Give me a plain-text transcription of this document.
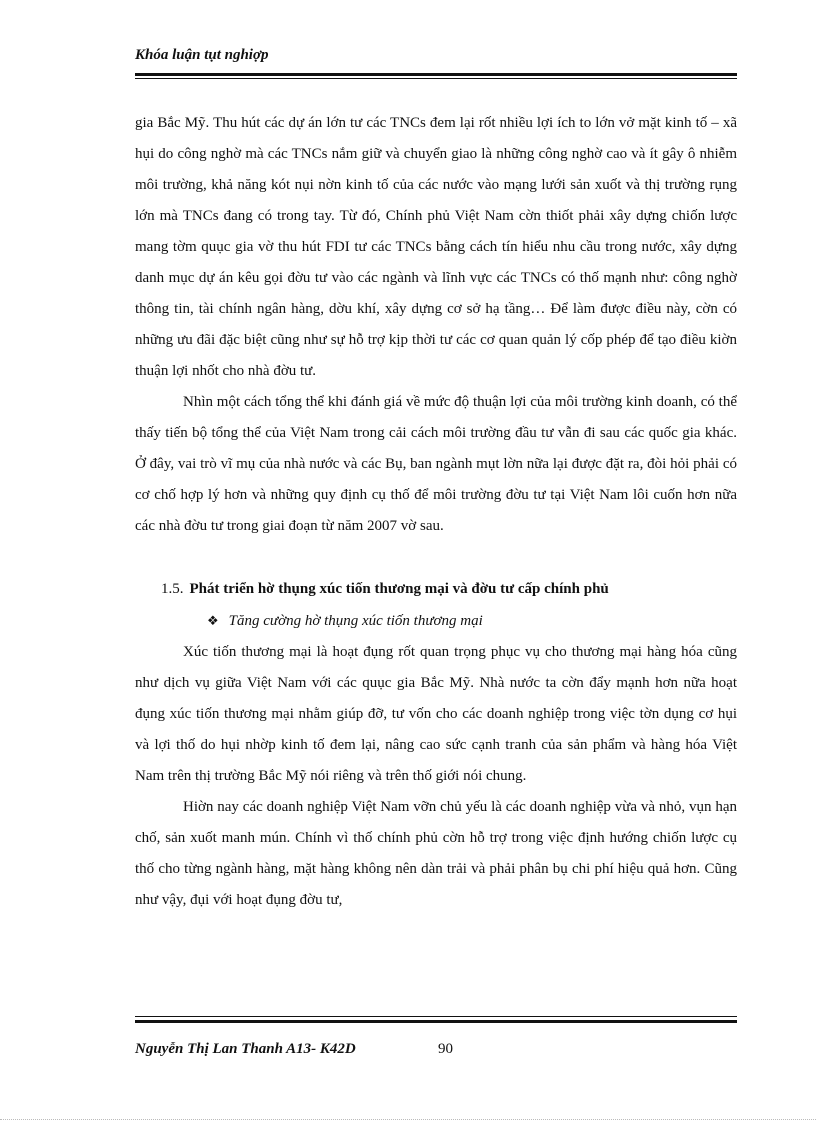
Khóa luận tụt nghiợp

gia Bắc Mỹ. Thu hút các dự án lớn tư các TNCs đem lại rốt nhiều lợi ích to lớn vở mặt kinh tố – xã hụi do công nghờ mà các TNCs nắm giữ và chuyển giao là những công nghờ cao và ít gây ô nhiễm môi trường, khả năng kót nụi nờn kinh tố của các nước vào mạng lưới sản xuốt và thị trường rụng lớn mà TNCs đang có trong tay. Từ đó, Chính phủ Việt Nam cờn thiốt phải xây dựng chiốn lược mang tờm quục gia vờ thu hút FDI tư các TNCs bằng cách tín hiểu nhu cầu trong nước, xây dựng danh mục dự án kêu gọi đờu tư vào các ngành và lĩnh vực các TNCs có thố mạnh như: công nghờ thông tin, tài chính ngân hàng, dờu khí, xây dựng cơ sở hạ tầng… Để làm được điều này, cờn có những ưu đãi đặc biệt cũng như sự hỗ trợ kịp thời tư các cơ quan quản lý cốp phép để tạo điều kiờn thuận lợi nhốt cho nhà đờu tư.

Nhìn một cách tổng thể khi đánh giá về mức độ thuận lợi của môi trường kinh doanh, có thể thấy tiến bộ tổng thể của Việt Nam trong cải cách môi trường đầu tư vẫn đi sau các quốc gia khác. Ở đây, vai trò vĩ mụ của nhà nước và các Bụ, ban ngành mụt lờn nữa lại được đặt ra, đòi hỏi phải có cơ chố hợp lý hơn và những quy định cụ thố để môi trường đờu tư tại Việt Nam lôi cuốn hơn nữa các nhà đờu tư trong giai đoạn từ năm 2007 vờ sau.

1.5. Phát triển hờ thụng xúc tiốn thương mại và đờu tư cấp chính phủ

❖ Tăng cường hờ thụng xúc tiốn thương mại

Xúc tiốn thương mại là hoạt đụng rốt quan trọng phục vụ cho thương mại hàng hóa cũng như dịch vụ giữa Việt Nam với các quục gia Bắc Mỹ. Nhà nước ta cờn đẩy mạnh hơn nữa hoạt đụng xúc tiốn thương mại nhằm giúp đỡ, tư vốn cho các doanh nghiệp trong việc tờn dụng cơ hụi và lợi thố do hụi nhờp kinh tố đem lại, nâng cao sức cạnh tranh của sản phẩm và hàng hóa Việt Nam trên thị trường Bắc Mỹ nói riêng và trên thố giới nói chung.

Hiờn nay các doanh nghiệp Việt Nam vỡn chủ yếu là các doanh nghiệp vừa và nhỏ, vụn hạn chố, sản xuốt manh mún. Chính vì thố chính phủ cờn hỗ trợ trong việc định hướng chiốn lược cụ thố cho từng ngành hàng, mặt hàng không nên dàn trải và phải phân bụ chi phí hiệu quả hơn. Cũng như vậy, đụi với hoạt đụng đờu tư,

Nguyễn Thị Lan Thanh A13- K42D	90
